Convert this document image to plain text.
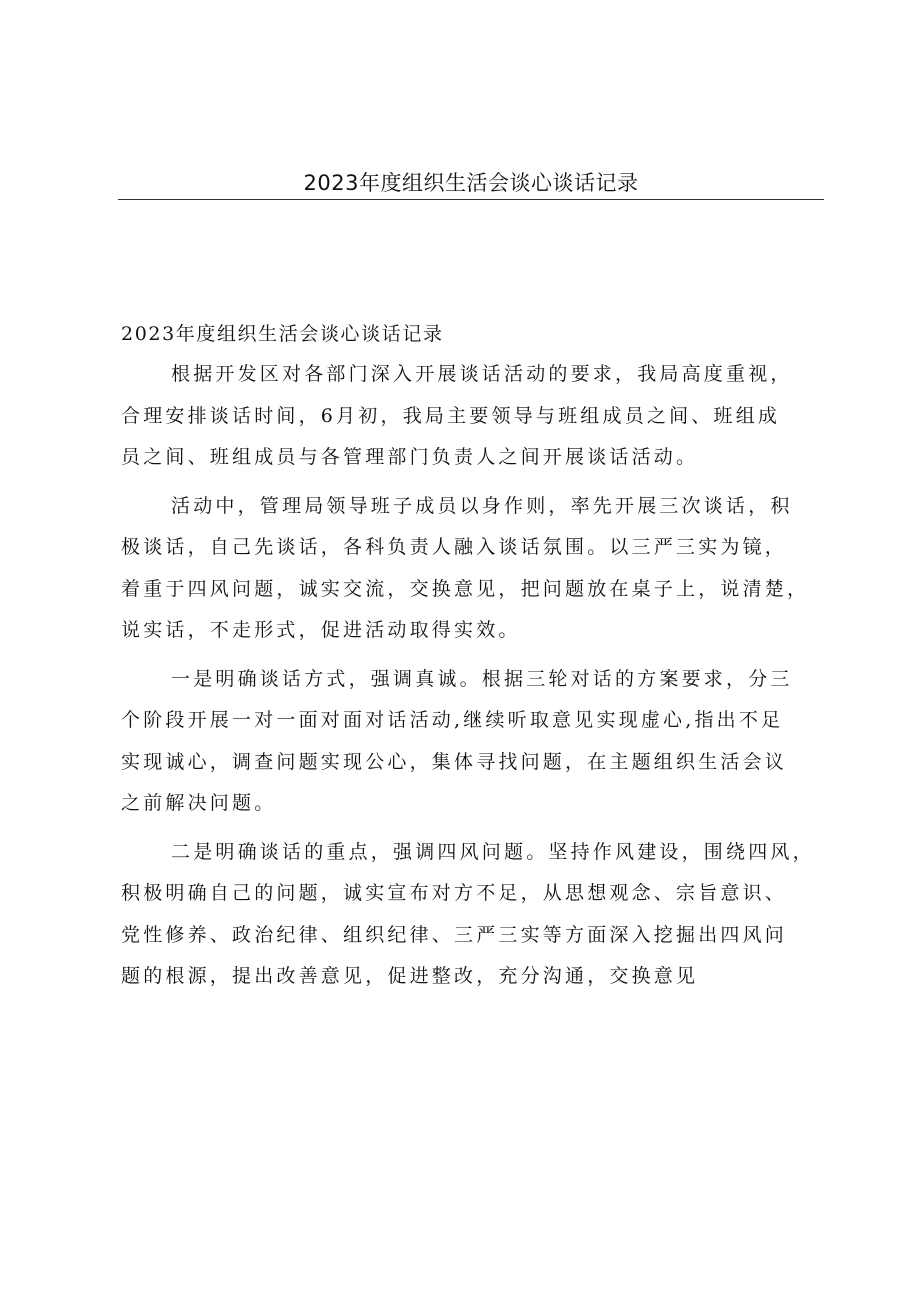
2023年度组织生活会谈心谈话记录

2023年度组织生活会谈心谈话记录

根据开发区对各部门深入开展谈话活动的要求，我局高度重视，
合理安排谈话时间，6月初，我局主要领导与班组成员之间、班组成
员之间、班组成员与各管理部门负责人之间开展谈话活动。

活动中，管理局领导班子成员以身作则，率先开展三次谈话，积
极谈话，自己先谈话，各科负责人融入谈话氛围。以三严三实为镜，
着重于四风问题，诚实交流，交换意见，把问题放在桌子上，说清楚，
说实话，不走形式，促进活动取得实效。

一是明确谈话方式，强调真诚。根据三轮对话的方案要求，分三
个阶段开展一对一面对面对话活动,继续听取意见实现虚心,指出不足
实现诚心，调查问题实现公心，集体寻找问题，在主题组织生活会议
之前解决问题。

二是明确谈话的重点，强调四风问题。坚持作风建设，围绕四风，
积极明确自己的问题，诚实宣布对方不足，从思想观念、宗旨意识、
党性修养、政治纪律、组织纪律、三严三实等方面深入挖掘出四风问
题的根源，提出改善意见，促进整改，充分沟通，交换意见
